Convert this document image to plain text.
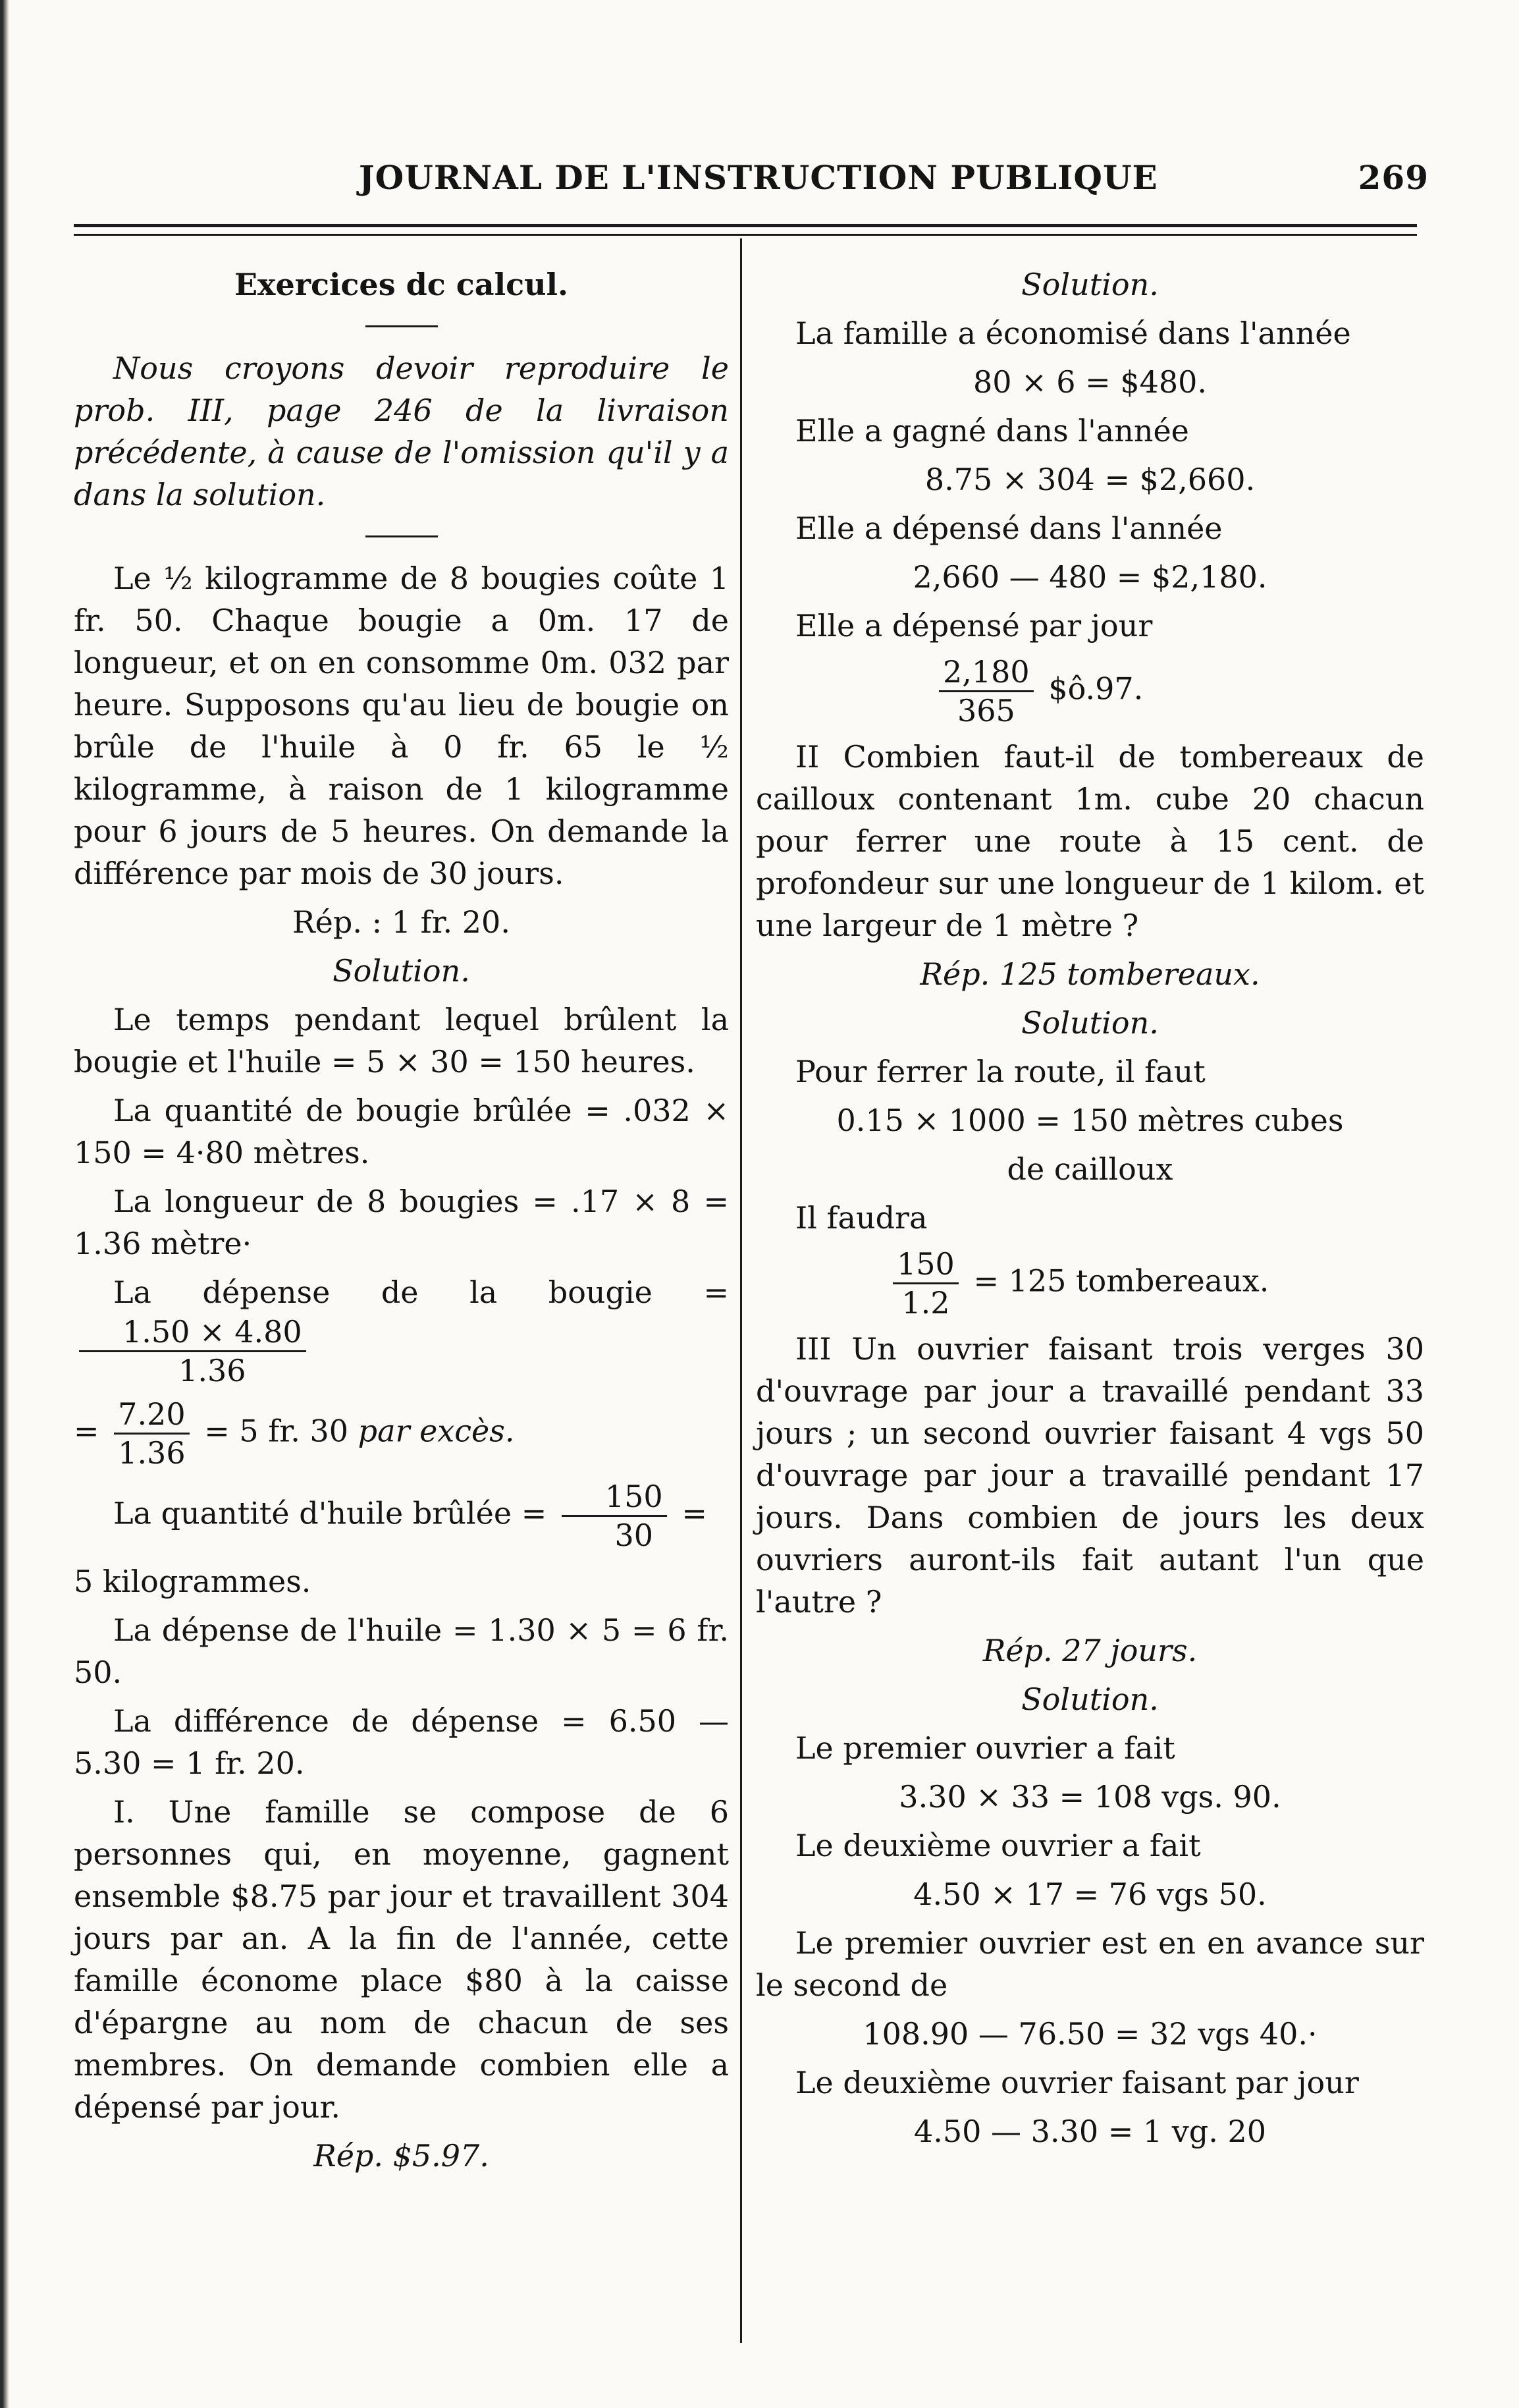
JOURNAL DE L'INSTRUCTION PUBLIQUE	269

Exercices dc calcul.

Nous croyons devoir reproduire le prob. III, page 246 de la livraison précédente, à cause de l'omission qu'il y a dans la solution.

Le ½ kilogramme de 8 bougies coûte 1 fr. 50. Chaque bougie a 0m. 17 de longueur, et on en consomme 0m. 032 par heure. Supposons qu'au lieu de bougie on brûle de l'huile à 0 fr. 65 le ½ kilogramme, à raison de 1 kilogramme pour 6 jours de 5 heures. On demande la différence par mois de 30 jours.

Rép. : 1 fr. 20.

Solution.

Le temps pendant lequel brûlent la bougie et l'huile = 5 × 30 = 150 heures.

La quantité de bougie brûlée = .032 × 150 = 4·80 mètres.

La longueur de 8 bougies = .17 × 8 = 1.36 mètre·

La dépense de la bougie =
$\frac{1.50 \times 4.80}{1.36}$

= $\frac{7.20}{1.36} = 5$ fr. 30 par excès.

La quantité d'huile brûlée = $\frac{150}{30}$ =

5 kilogrammes.

La dépense de l'huile = 1.30 × 5 = 6 fr. 50.

La différence de dépense = 6.50 — 5.30 = 1 fr. 20.

I. Une famille se compose de 6 personnes qui, en moyenne, gagnent ensemble $8.75 par jour et travaillent 304 jours par an. A la fin de l'année, cette famille économe place $80 à la caisse d'épargne au nom de chacun de ses membres. On demande combien elle a dépensé par jour.

Rép. $5.97.

Solution.

La famille a économisé dans l'année

80 × 6 = $480.

Elle a gagné dans l'année

8.75 × 304 = $2,660.

Elle a dépensé dans l'année

2,660 — 480 = $2,180.

Elle a dépensé par jour

$\frac{2,180}{365}$ $ô.97.

II Combien faut-il de tombereaux de cailloux contenant 1m. cube 20 chacun pour ferrer une route à 15 cent. de profondeur sur une longueur de 1 kilom. et une largeur de 1 mètre ?

Rép. 125 tombereaux.

Solution.

Pour ferrer la route, il faut

0.15 × 1000 = 150 mètres cubes

de cailloux

Il faudra

$\frac{150}{1.2} = 125$ tombereaux.

III Un ouvrier faisant trois verges 30 d'ouvrage par jour a travaillé pendant 33 jours ; un second ouvrier faisant 4 vgs 50 d'ouvrage par jour a travaillé pendant 17 jours. Dans combien de jours les deux ouvriers auront-ils fait autant l'un que l'autre ?

Rép. 27 jours.

Solution.

Le premier ouvrier a fait

3.30 × 33 = 108 vgs. 90.

Le deuxième ouvrier a fait

4.50 × 17 = 76 vgs 50.

Le premier ouvrier est en en avance sur le second de

108.90 — 76.50 = 32 vgs 40.·

Le deuxième ouvrier faisant par jour

4.50 — 3.30 = 1 vg. 20
